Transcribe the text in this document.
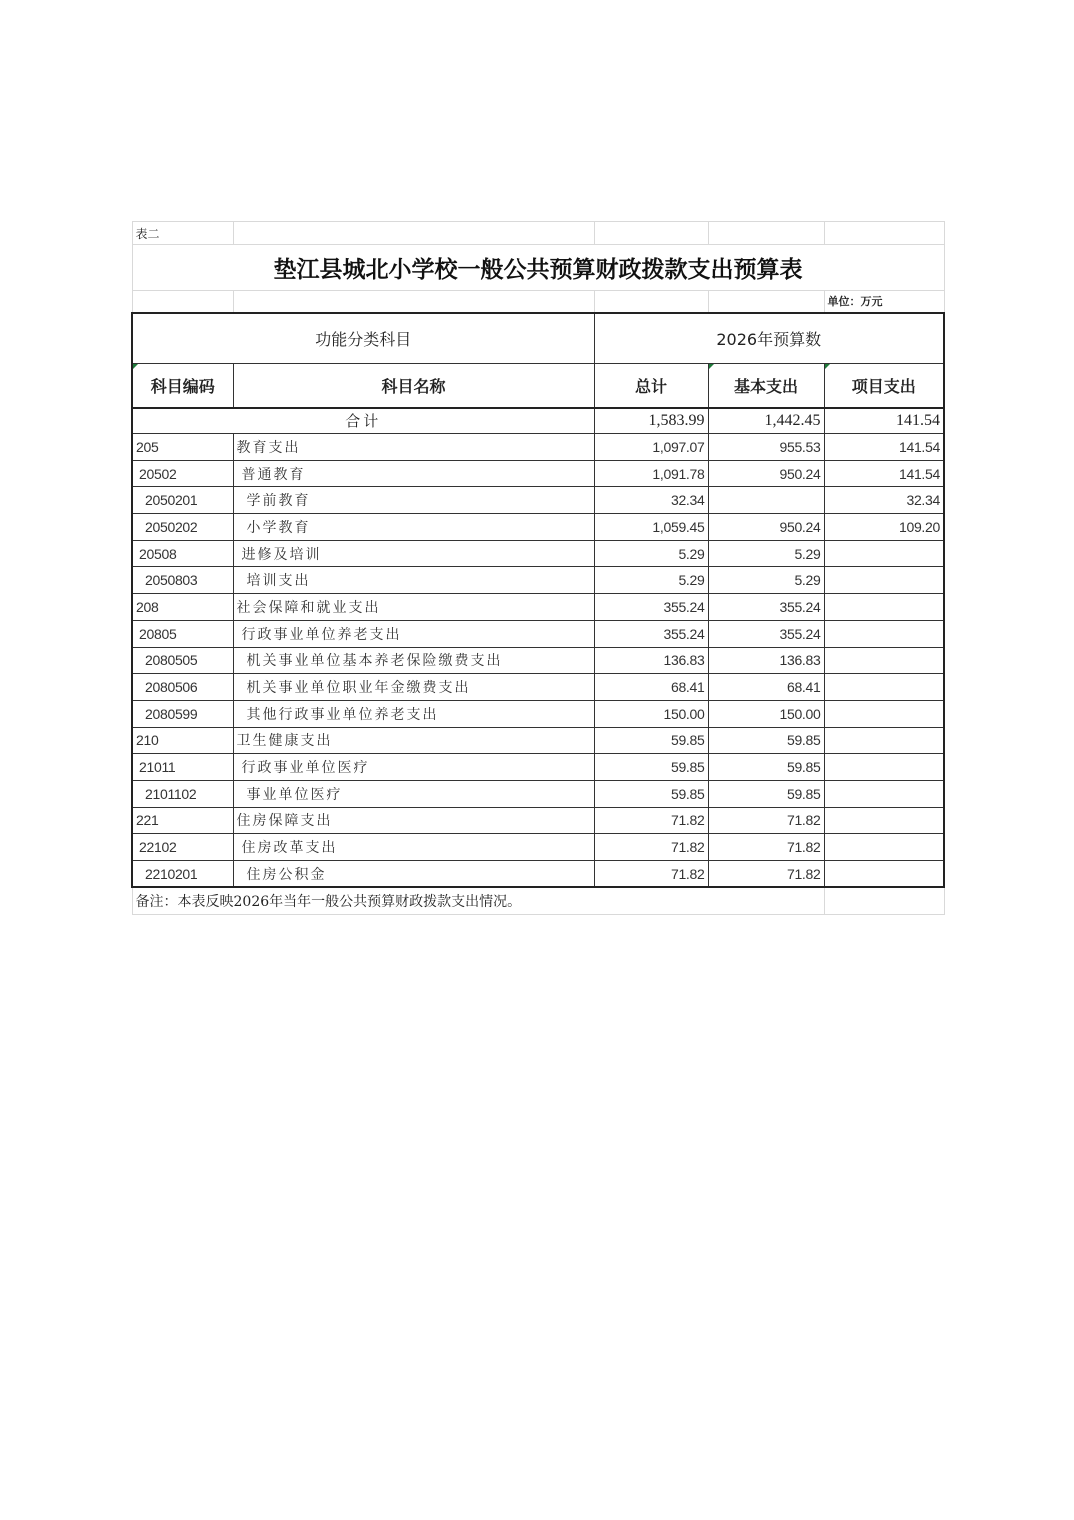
表二				
垫江县城北小学校一般公共预算财政拨款支出预算表				
				单位：万元
功能分类科目		2026年预算数		
科目编码	科目名称	总计	基本支出	项目支出
合计		1,583.99	1,442.45	141.54
205	教育支出	1,097.07	955.53	141.54
20502	普通教育	1,091.78	950.24	141.54
2050201	学前教育	32.34		32.34
2050202	小学教育	1,059.45	950.24	109.20
20508	进修及培训	5.29	5.29	
2050803	培训支出	5.29	5.29	
208	社会保障和就业支出	355.24	355.24	
20805	行政事业单位养老支出	355.24	355.24	
2080505	机关事业单位基本养老保险缴费支出	136.83	136.83	
2080506	机关事业单位职业年金缴费支出	68.41	68.41	
2080599	其他行政事业单位养老支出	150.00	150.00	
210	卫生健康支出	59.85	59.85	
21011	行政事业单位医疗	59.85	59.85	
2101102	事业单位医疗	59.85	59.85	
221	住房保障支出	71.82	71.82	
22102	住房改革支出	71.82	71.82	
2210201	住房公积金	71.82	71.82	
备注：本表反映2026年当年一般公共预算财政拨款支出情况。				
